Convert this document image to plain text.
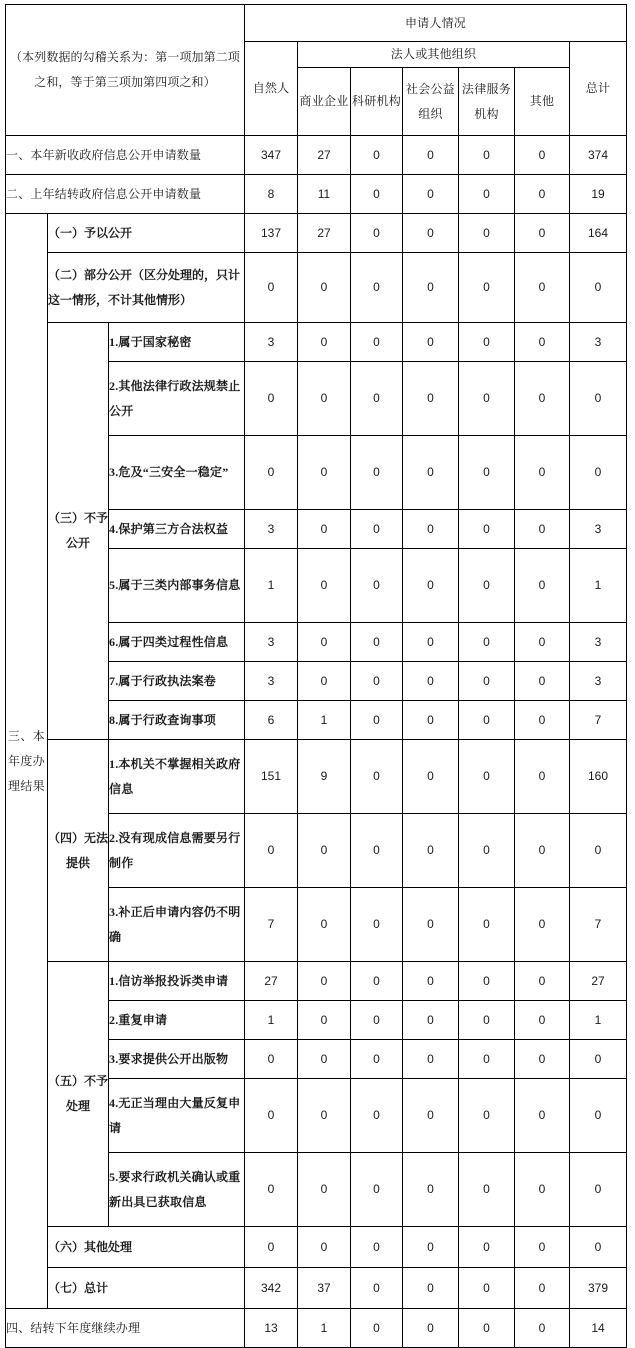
（本列数据的勾稽关系为：第一项加第二项之和，等于第三项加第四项之和）			申请人情况						
			自然人	法人或其他组织					总计
				商业企业	科研机构	社会公益组织	法律服务机构	其他	
一、本年新收政府信息公开申请数量			347	27	0	0	0	0	374
二、上年结转政府信息公开申请数量			8	11	0	0	0	0	19
三、本年度办理结果	（一）予以公开		137	27	0	0	0	0	164
	（二）部分公开（区分处理的，只计这一情形，不计其他情形）		0	0	0	0	0	0	0
	（三）不予公开	1.属于国家秘密	3	0	0	0	0	0	3
		2.其他法律行政法规禁止公开	0	0	0	0	0	0	0
		3.危及“三安全一稳定”	0	0	0	0	0	0	0
		4.保护第三方合法权益	3	0	0	0	0	0	3
		5.属于三类内部事务信息	1	0	0	0	0	0	1
		6.属于四类过程性信息	3	0	0	0	0	0	3
		7.属于行政执法案卷	3	0	0	0	0	0	3
		8.属于行政查询事项	6	1	0	0	0	0	7
	（四）无法提供	1.本机关不掌握相关政府信息	151	9	0	0	0	0	160
		2.没有现成信息需要另行制作	0	0	0	0	0	0	0
		3.补正后申请内容仍不明确	7	0	0	0	0	0	7
	（五）不予处理	1.信访举报投诉类申请	27	0	0	0	0	0	27
		2.重复申请	1	0	0	0	0	0	1
		3.要求提供公开出版物	0	0	0	0	0	0	0
		4.无正当理由大量反复申请	0	0	0	0	0	0	0
		5.要求行政机关确认或重新出具已获取信息	0	0	0	0	0	0	0
	（六）其他处理		0	0	0	0	0	0	0
	（七）总计		342	37	0	0	0	0	379
四、结转下年度继续办理			13	1	0	0	0	0	14
